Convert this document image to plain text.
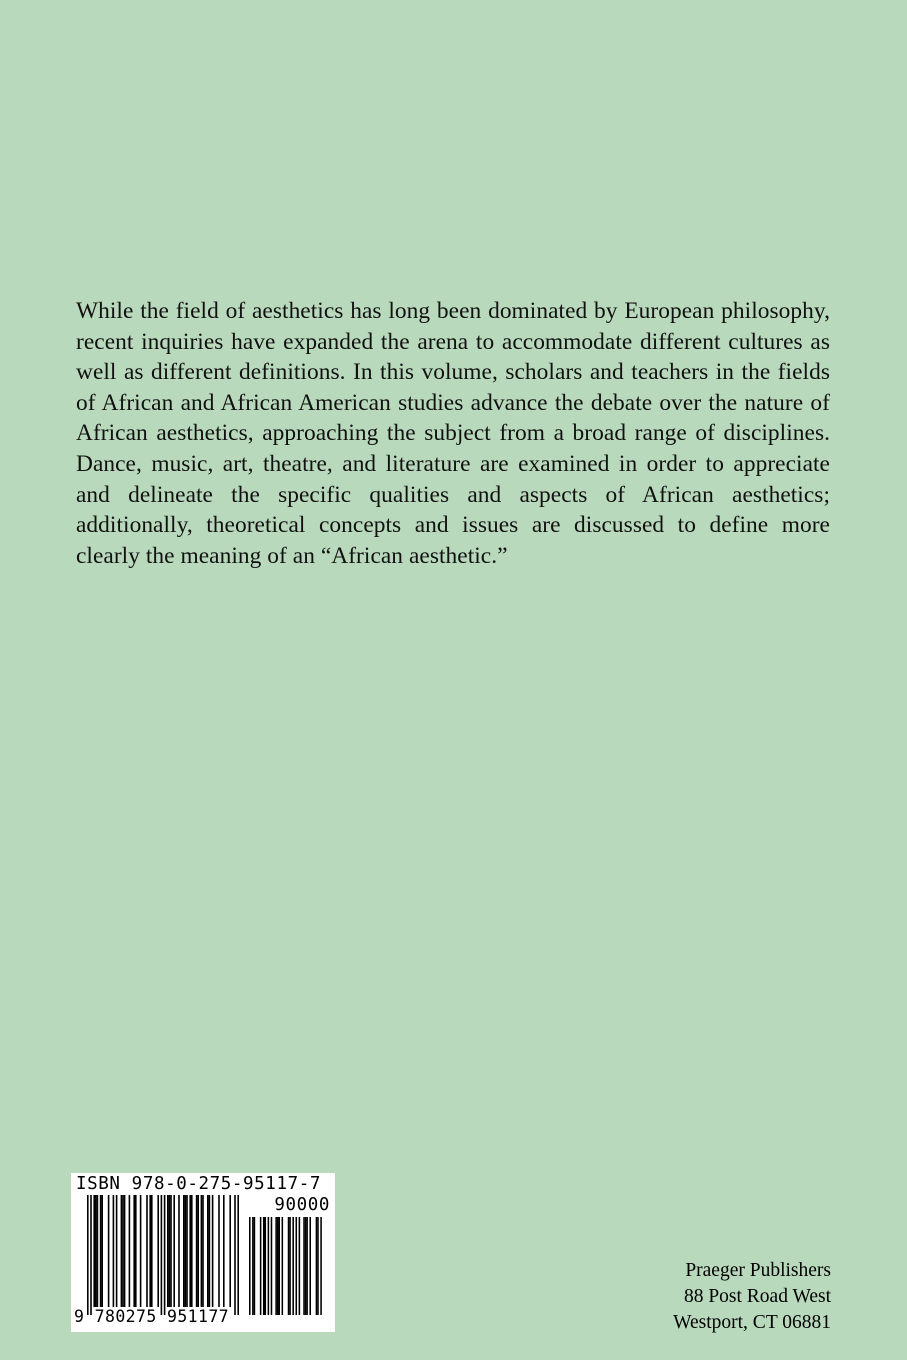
While the field of aesthetics has long been dominated by European philosophy, recent inquiries have expanded the arena to accommodate different cultures as well as different definitions. In this volume, scholars and teachers in the fields of African and African American studies advance the debate over the nature of African aesthetics, approaching the subject from a broad range of disciplines. Dance, music, art, theatre, and literature are examined in order to appreciate and delineate the specific qualities and aspects of African aesthetics; additionally, theoretical concepts and issues are discussed to define more clearly the meaning of an “African aesthetic.”

ISBN 978-0-275-95117-7
90000
9 780275 951177
Praeger Publishers
88 Post Road West
Westport, CT 06881
